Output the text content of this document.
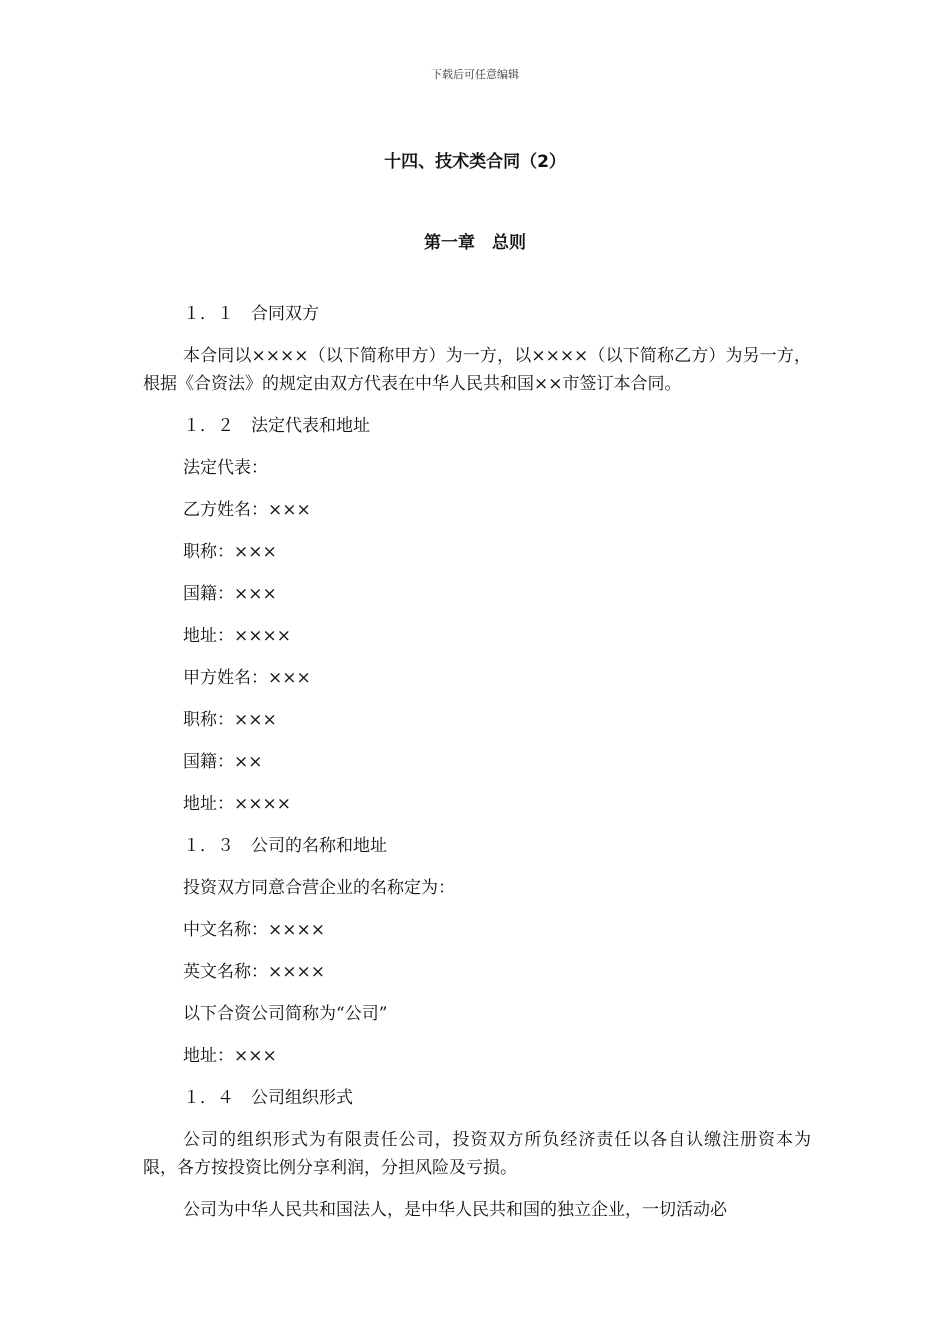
下载后可任意编辑
十四、技术类合同（2）
第一章　总则

１．１　合同双方

本合同以××××（以下简称甲方）为一方，以××××（以下简称乙方）为另一方，根据《合资法》的规定由双方代表在中华人民共和国××市签订本合同。

１．２　法定代表和地址

法定代表：

乙方姓名：×××

职称：×××

国籍：×××

地址：××××

甲方姓名：×××

职称：×××

国籍：××

地址：××××

１．３　公司的名称和地址

投资双方同意合营企业的名称定为：

中文名称：××××

英文名称：××××

以下合资公司简称为“公司”

地址：×××

１．４　公司组织形式

公司的组织形式为有限责任公司，投资双方所负经济责任以各自认缴注册资本为限，各方按投资比例分享利润，分担风险及亏损。

公司为中华人民共和国法人，是中华人民共和国的独立企业，一切活动必
